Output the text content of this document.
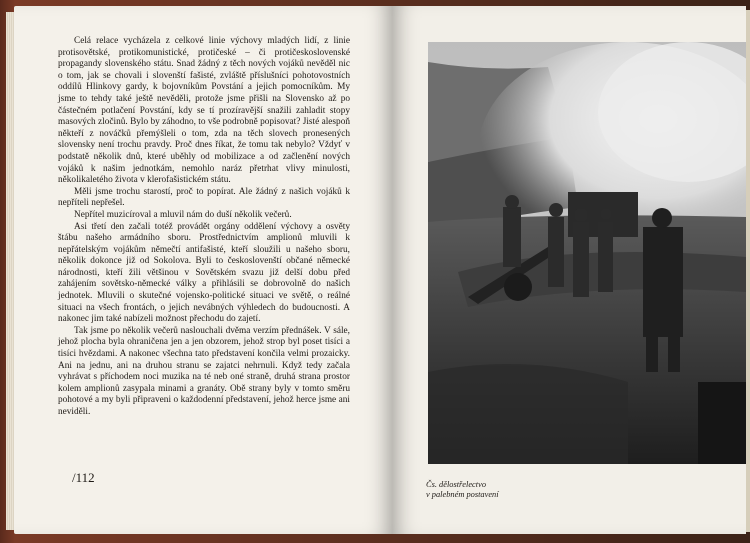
Celá relace vycházela z celkové linie výchovy mladých lidí, z linie protisovětské, protikomunistické, protičeské – či protičeskoslovenské propagandy slovenského státu. Snad žádný z těch nových vojáků nevěděl nic o tom, jak se chovali i slovenští fašisté, zvláště příslušníci pohotovostních oddílů Hlinkovy gardy, k bojovníkům Povstání a jejich pomocníkům. My jsme to tehdy také ještě nevěděli, protože jsme přišli na Slovensko až po částečném potlačení Povstání, kdy se tí prozíravější snažili zahladit stopy masových zločinů. Bylo by záhodno, to vše podrobně popisovat? Jisté alespoň někteří z nováčků přemýšleli o tom, zda na těch slovech pronesených slovensky není trochu pravdy. Proč dnes říkat, že tomu tak nebylo? Vždyť v podstatě několik dnů, které uběhly od mobilizace a od začlenění nových vojáků k našim jednotkám, nemohlo naráz přetrhat vlivy minulosti, několikaletého života v klerofašistickém státu.

Měli jsme trochu starostí, proč to popírat. Ale žádný z našich vojáků k nepříteli nepřešel.

Nepřítel muzicíroval a mluvil nám do duší několik večerů.

Asi třetí den začali totéž provádět orgány oddělení výchovy a osvěty štábu našeho armádního sboru. Prostřednictvím amplionů mluvili k nepřátelským vojákům němečtí antifašisté, kteří sloužili u našeho sboru, několik dokonce již od Sokolova. Byli to českoslovenští občané německé národnosti, kteří žili většinou v Sovětském svazu již delší dobu před zahájením sovětsko-německé války a přihlásili se dobrovolně do našich jednotek. Mluvili o skutečné vojensko-politické situaci ve světě, o reálné situaci na všech frontách, o jejich nevábných výhledech do budoucnosti. A nakonec jim také nabízeli možnost přechodu do zajetí.

Tak jsme po několik večerů naslouchali dvěma verzím přednášek. V sále, jehož plocha byla ohraničena jen a jen obzorem, jehož strop byl poset tisíci a tisíci hvězdami. A nakonec všechna tato představení končila velmi prozaicky. Ani na jednu, ani na druhou stranu se zajatci nehrnuli. Když tedy začala vyhrávat s příchodem noci muzika na té neb oné straně, druhá strana prostor kolem amplionů zasypala minami a granáty. Obě strany byly v tomto směru pohotové a my byli připraveni o každodenní představení, jehož herce jsme ani neviděli.

/112	Čs. dělostřelectvo
v palebném postavení
